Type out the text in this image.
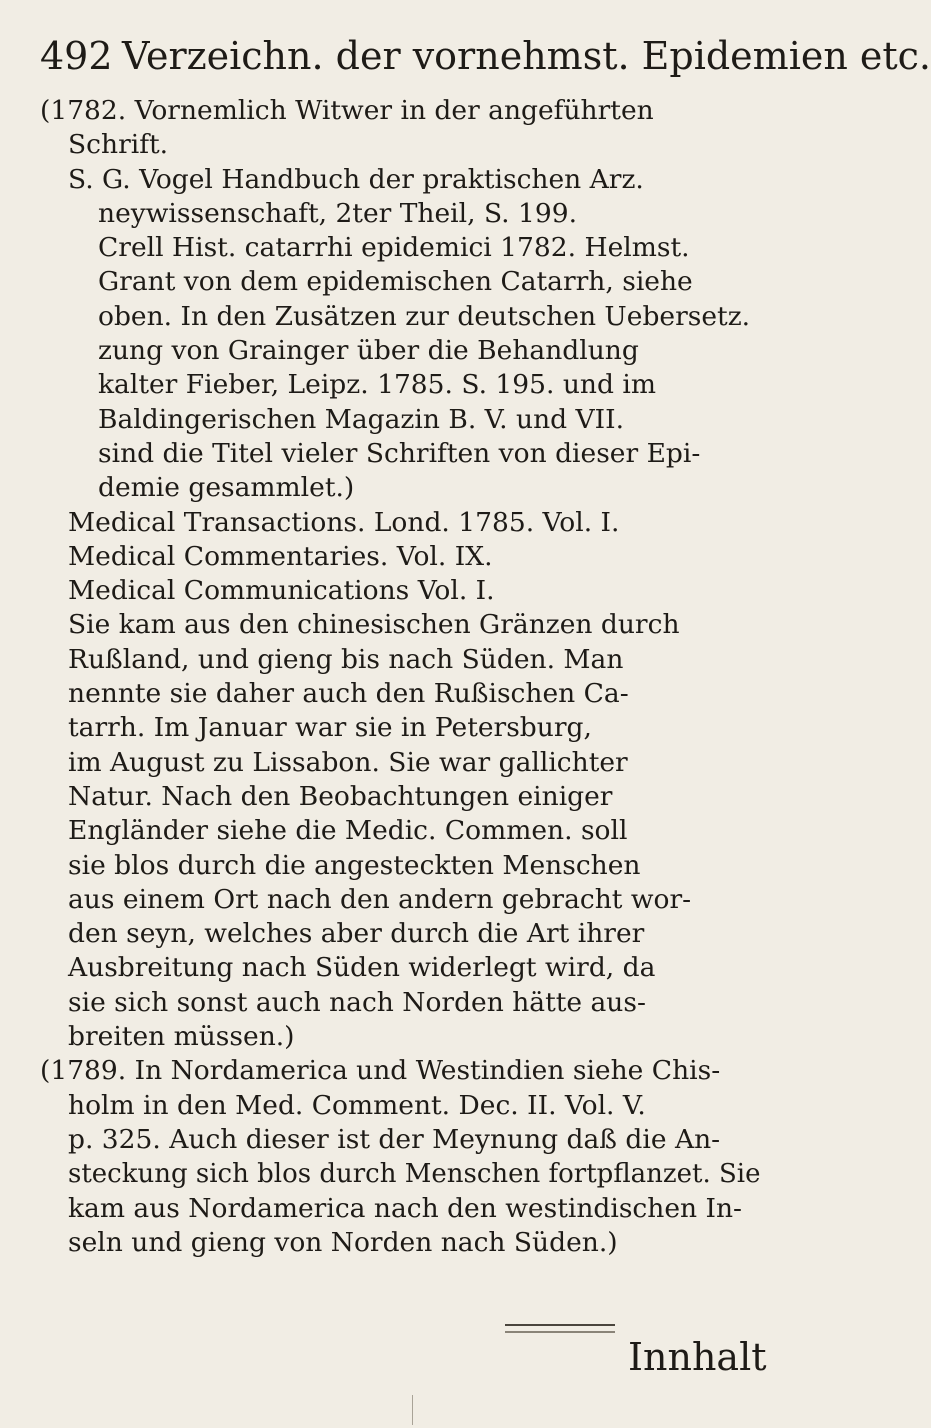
492 Verzeichn. der vornehmst. Epidemien etc.
(1782. Vornemlich Witwer in der angeführten
Schrift.
S. G. Vogel Handbuch der praktischen Arz.
neywissenschaft, 2ter Theil, S. 199.
Crell Hist. catarrhi epidemici 1782. Helmst.
Grant von dem epidemischen Catarrh, siehe
oben. In den Zusätzen zur deutschen Uebersetz.
zung von Grainger über die Behandlung
kalter Fieber, Leipz. 1785. S. 195. und im
Baldingerischen Magazin B. V. und VII.
sind die Titel vieler Schriften von dieser Epi-
demie gesammlet.)
Medical Transactions. Lond. 1785. Vol. I.
Medical Commentaries. Vol. IX.
Medical Communications Vol. I.
Sie kam aus den chinesischen Gränzen durch
Rußland, und gieng bis nach Süden. Man
nennte sie daher auch den Rußischen Ca-
tarrh. Im Januar war sie in Petersburg,
im August zu Lissabon. Sie war gallichter
Natur. Nach den Beobachtungen einiger
Engländer siehe die Medic. Commen. soll
sie blos durch die angesteckten Menschen
aus einem Ort nach den andern gebracht wor-
den seyn, welches aber durch die Art ihrer
Ausbreitung nach Süden widerlegt wird, da
sie sich sonst auch nach Norden hätte aus-
breiten müssen.)
(1789. In Nordamerica und Westindien siehe Chis-
holm in den Med. Comment. Dec. II. Vol. V.
p. 325. Auch dieser ist der Meynung daß die An-
steckung sich blos durch Menschen fortpflanzet. Sie
kam aus Nordamerica nach den westindischen In-
seln und gieng von Norden nach Süden.)
Innhalt
